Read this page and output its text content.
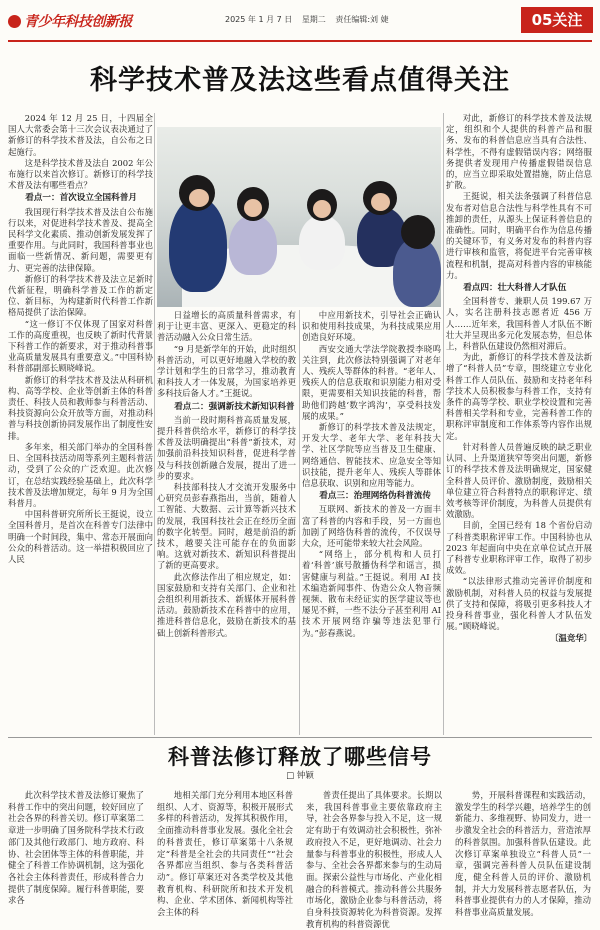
青少年科技创新报	2025 年 1 月 7 日 星期二 责任编辑:刘 婕	05关注
科学技术普及法这些看点值得关注

2024 年 12 月 25 日，十四届全国人大常委会第十三次会议表决通过了新修订的科学技术普及法，自公布之日起施行。

这是科学技术普及法自 2002 年公布施行以来首次修订。新修订的科学技术普及法有哪些看点？

看点一：首次设立全国科普月

我国现行科学技术普及法自公布施行以来，对促进科学技术普及、提高全民科学文化素质、推动创新发展发挥了重要作用。与此同时，我国科普事业也面临一些新情况、新问题，需要更有力、更完善的法律保障。

新修订的科学技术普及法立足新时代新征程，明确科学普及工作的新定位、新目标，为构建新时代科普工作新格局提供了法治保障。

“这一修订不仅体现了国家对科普工作的高度重视，也反映了新时代背景下科普工作的新要求，对于推动科普事业高质量发展具有重要意义。”中国科协科普部副部长顾晓峰说。

新修订的科学技术普及法从科研机构、高等学校、企业等创新主体的科普责任、科技人员和教师参与科普活动、科技资源向公众开放等方面，对推动科普与科技创新协同发展作出了制度性安排。

多年来，相关部门举办的全国科普日、全国科技活动周等系列主题科普活动，受到了公众的广泛欢迎。此次修订，在总结实践经验基础上，此次科学技术普及法增加规定，每年 9 月为全国科普月。

中国科普研究所所长王挺说，设立全国科普月，是首次在科普专门法律中明确一个时间段，集中、常态开展面向公众的科普活动。这一举措积极回应了人民

日益增长的高质量科普需求，有利于让更丰富、更深入、更稳定的科普活动融入公众日常生活。

“9 月是新学年的开始，此时组织科普活动，可以更好地融入学校的教学计划和学生的日常学习，推动教育和科技人才一体发展，为国家培养更多科技后备人才。”王挺说。

看点二：强调新技术新知识科普

当前一段时期科普高质量发展，提升科普供给水平，新修订的科学技术普及法明确提出“科普”新技术，对加强前沿科技知识科普，促进科学普及与科技创新融合发展，提出了进一步的要求。

科技部科技人才交流开发服务中心研究员彭春燕指出，当前，随着人工智能、大数据、云计算等新兴技术的发展，我国科技社会正在经历全面的数字化转型。同时，越是前沿的新技术，越要关注可能存在的负面影响。这就对新技术、新知识科普提出了新的更高要求。

此次修法作出了相应规定，如：国家鼓励和支持有关部门、企业和社会组织利用新技术、新媒体开展科普活动。鼓励新技术在科普中的应用，推进科普信息化，鼓励在新技术的基础上创新科普形式。

中应用新技术，引导社会正确认识和使用科技成果，为科技成果应用创造良好环境。

西安交通大学法学院教授李晓鸣关注到，此次修法特别强调了对老年人、残疾人等群体的科普。“老年人、残疾人的信息获取和识别能力相对受限，更需要相关知识技能的科普，帮助他们跨越‘数字鸿沟’，享受科技发展的成果。”

新修订的科学技术普及法规定，开发大学、老年大学、老年科技大学、社区学院等应当普及卫生健康、网络通信、智能技术、应急安全等知识技能，提升老年人、残疾人等群体信息获取、识别和应用等能力。

看点三：治理网络伪科普流传

互联网、新技术的普及一方面丰富了科普的内容和手段，另一方面也加剧了网络伪科普的流传，不仅误导大众，还可能带来较大社会风险。

“网络上，部分机构和人员打着‘科普’旗号散播伪科学和谣言，损害健康与利益。”王挺说。利用 AI 技术编造新闻事件、伪造公众人物音频视频、散布未经证实的医学建议等也屡见不鲜，一些不法分子甚至利用 AI 技术开展网络诈骗等违法犯罪行为。”彭春燕说。

对此，新修订的科学技术普及法规定，组织和个人提供的科普产品和服务、发布的科普信息应当具有合法性、科学性，不得有虚假错误内容；网络服务提供者发现用户传播虚假错误信息的，应当立即采取处置措施，防止信息扩散。

王挺说，相关法条强调了科普信息发布者对信息合法性与科学性具有不可推卸的责任，从源头上保证科普信息的准确性。同时，明确平台作为信息传播的关键环节，有义务对发布的科普内容进行审核和监管，将促进平台完善审核流程和机制，提高对科普内容的审核能力。

看点四：壮大科普人才队伍

全国科普专、兼职人员 199.67 万人，实名注册科技志愿者近 456 万人……近年来，我国科普人才队伍不断壮大并呈现出多元化发展态势，但总体上，科普队伍建设仍然相对滞后。

为此，新修订的科学技术普及法新增了“科普人员”专章，围绕建立专业化科普工作人员队伍、鼓励和支持老年科学技术人员积极参与科普工作，支持有条件的高等学校、职业学校设置和完善科普相关学科和专业，完善科普工作的职称评审制度和工作体系等内容作出规定。

针对科普人员普遍反映的缺乏职业认同、上升渠道狭窄等突出问题，新修订的科学技术普及法明确规定，国家健全科普人员评价、激励制度，鼓励相关单位建立符合科普特点的职称评定、绩效考核等评价制度，为科普人员提供有效激励。

目前，全国已经有 18 个省份启动了科普类职称评审工作。中国科协也从 2023 年起面向中央在京单位试点开展了科普专业职称评审工作，取得了初步成效。

“以法律形式推动完善评价制度和激励机制，对科普人员的权益与发展提供了支持和保障，将吸引更多科技人才投身科普事业，强化科普人才队伍发展。”顾晓峰说。

〔温竞华〕
科普法修订释放了哪些信号
□ 钟颖

此次科学技术普及法修订聚焦了科普工作中的突出问题，较好回应了社会各界的科普关切。修订草案第二章进一步明确了国务院科学技术行政部门及其他行政部门、地方政府、科协、社会团体等主体的科普职能，并健全了科普工作协调机制，这为强化各社会主体科普责任，形成科普合力提供了制度保障。履行科普职能，要求各

地相关部门充分利用本地区科普组织、人才、资源等，积极开展形式多样的科普活动，发挥其积极作用，全面推动科普事业发展。强化全社会的科普责任，修订草案第十八条规定“科普是全社会的共同责任”“社会各界都应当组织、参与各类科普活动”。修订草案还对各类学校及其他教育机构、科研院所和技术开发机构、企业、学术团体、新闻机构等社会主体的科

普责任提出了具体要求。长期以来，我国科普事业主要依靠政府主导，社会各界参与投入不足，这一规定有助于有效调动社会积极性，弥补政府投入不足，更好地调动、社会力量参与科普事业的积极性，形成人人参与、全社会各界都来参与的生动局面。探索公益性与市场化、产业化相融合的科普模式。推动科普公共服务市场化，激励企业参与科普活动，将自身科技资源转化为科普资源。发挥教育机构的科普资源优

势，开展科普课程和实践活动，激发学生的科学兴趣，培养学生的创新能力、多维视野、协同发力，进一步激发全社会的科普活力，营造浓厚的科普氛围。加强科普队伍建设。此次修订草案单独设立“科普人员”一章，强调完善科普人员队伍建设制度，健全科普人员的评价、激励机制，并大力发展科普志愿者队伍，为科普事业提供有力的人才保障，推动科普事业高质量发展。
